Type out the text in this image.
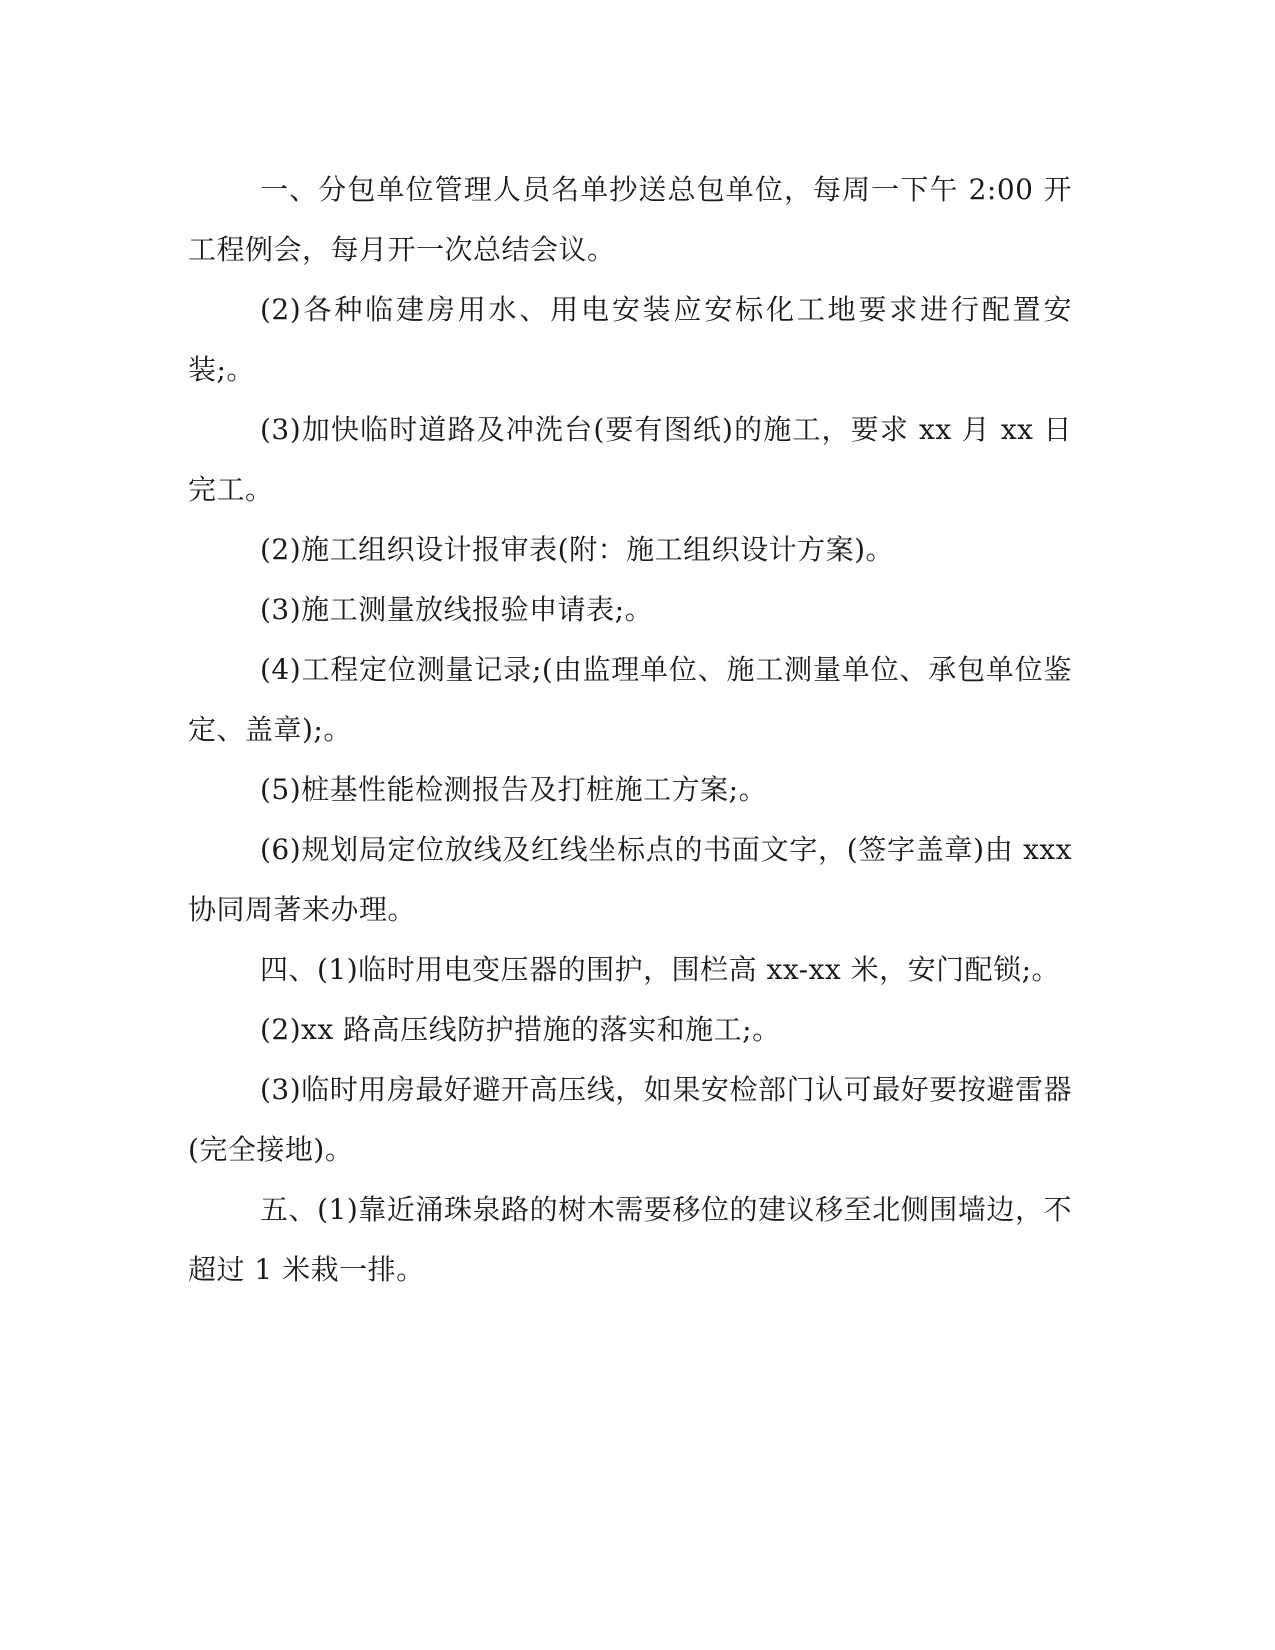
一、分包单位管理人员名单抄送总包单位，每周一下午 2:00 开工程例会，每月开一次总结会议。

(2)各种临建房用水、用电安装应安标化工地要求进行配置安装;。

(3)加快临时道路及冲洗台(要有图纸)的施工，要求 xx 月 xx 日完工。

(2)施工组织设计报审表(附：施工组织设计方案)。

(3)施工测量放线报验申请表;。

(4)工程定位测量记录;(由监理单位、施工测量单位、承包单位鉴定、盖章);。

(5)桩基性能检测报告及打桩施工方案;。

(6)规划局定位放线及红线坐标点的书面文字，(签字盖章)由 xxx 协同周著来办理。

四、(1)临时用电变压器的围护，围栏高 xx-xx 米，安门配锁;。

(2)xx 路高压线防护措施的落实和施工;。

(3)临时用房最好避开高压线，如果安检部门认可最好要按避雷器(完全接地)。

五、(1)靠近涌珠泉路的树木需要移位的建议移至北侧围墙边，不超过 1 米栽一排。
